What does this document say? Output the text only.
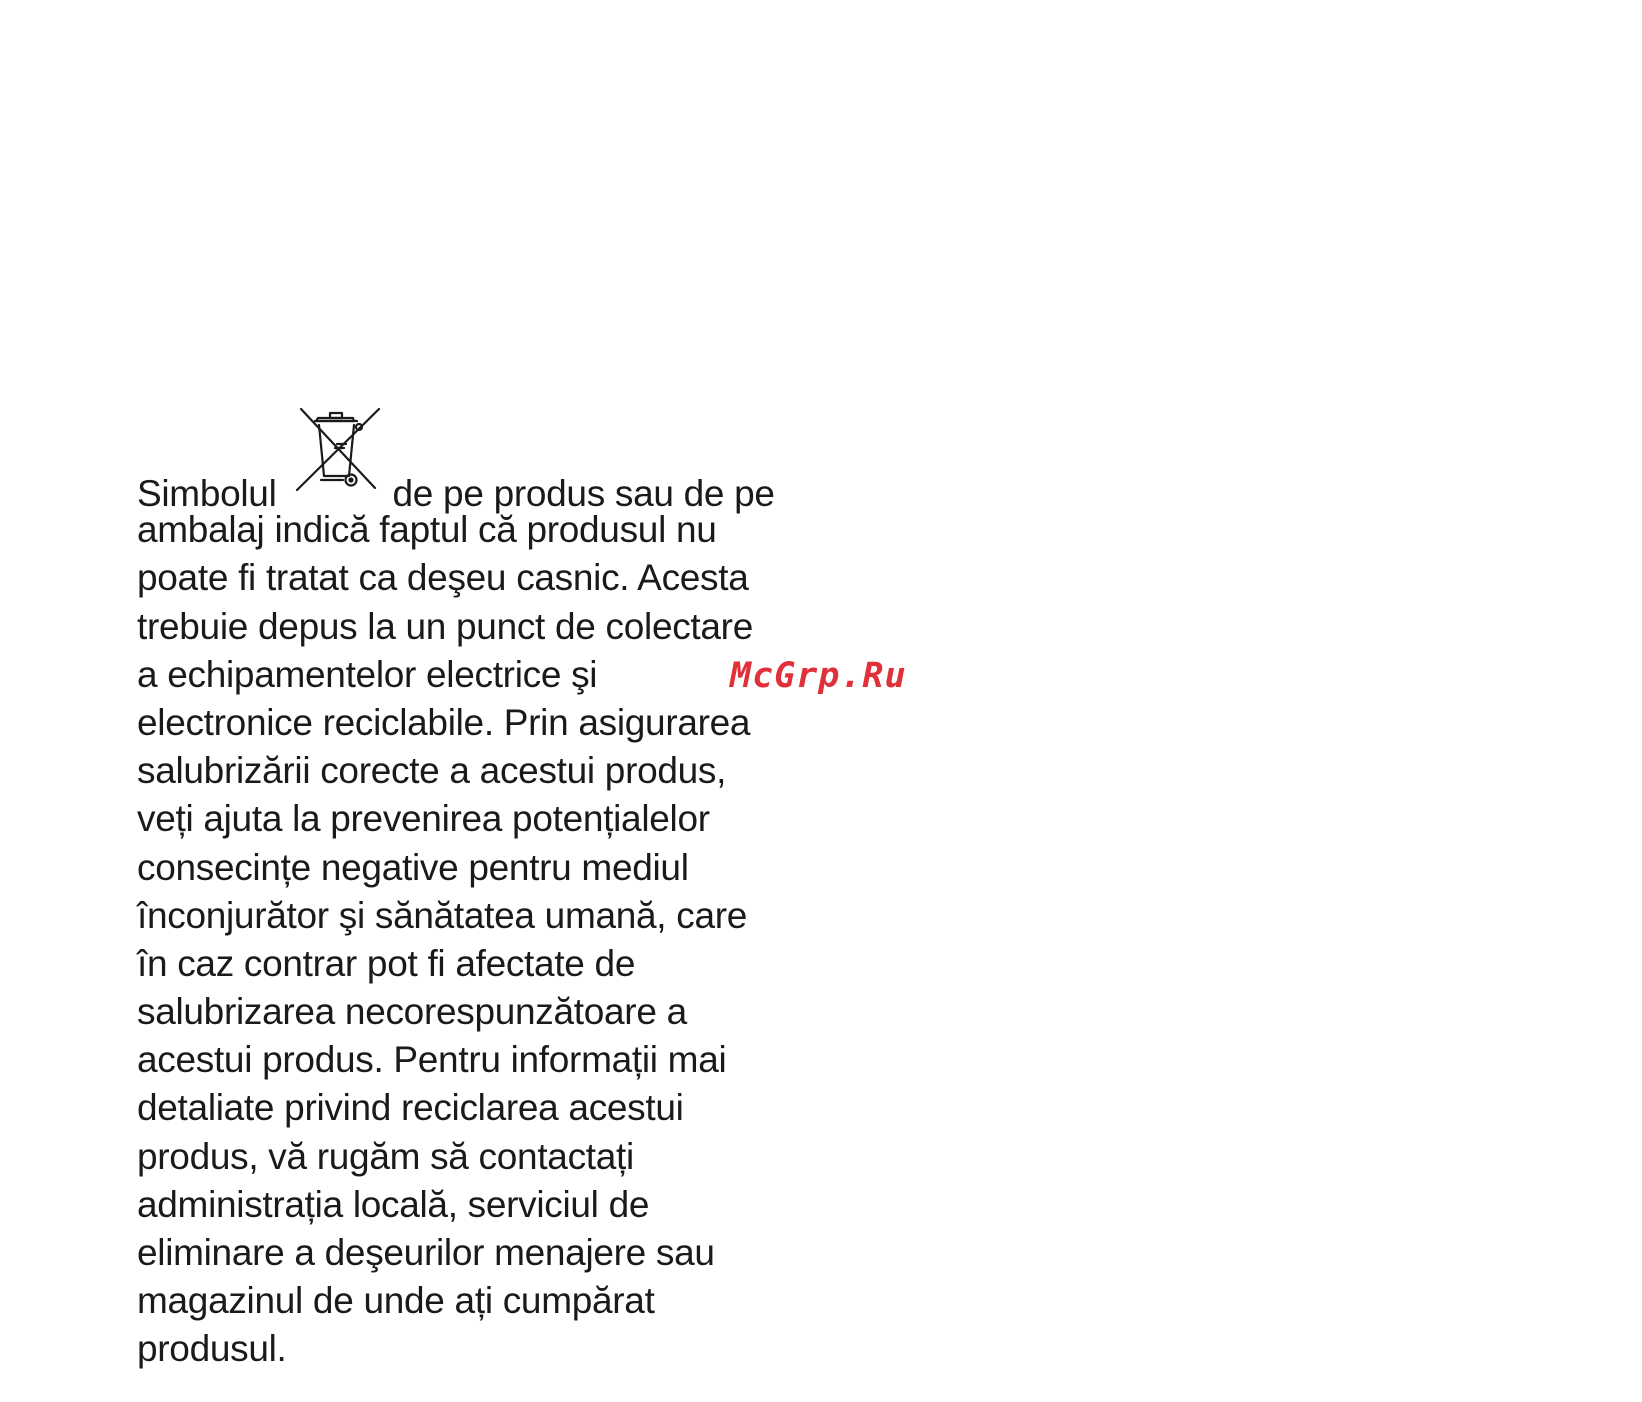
Simbolul	de pe produs sau de pe
ambalaj indică faptul că produsul nu
poate fi tratat ca deşeu casnic. Acesta
trebuie depus la un punct de colectare
a echipamentelor electrice şi
electronice reciclabile. Prin asigurarea
salubrizării corecte a acestui produs,
veți ajuta la prevenirea potențialelor
consecințe negative pentru mediul
înconjurător şi sănătatea umană, care
în caz contrar pot fi afectate de
salubrizarea necorespunzătoare a
acestui produs. Pentru informații mai
detaliate privind reciclarea acestui
produs, vă rugăm să contactați
administrația locală, serviciul de
eliminare a deşeurilor menajere sau
magazinul de unde ați cumpărat
produsul.
McGrp.Ru
